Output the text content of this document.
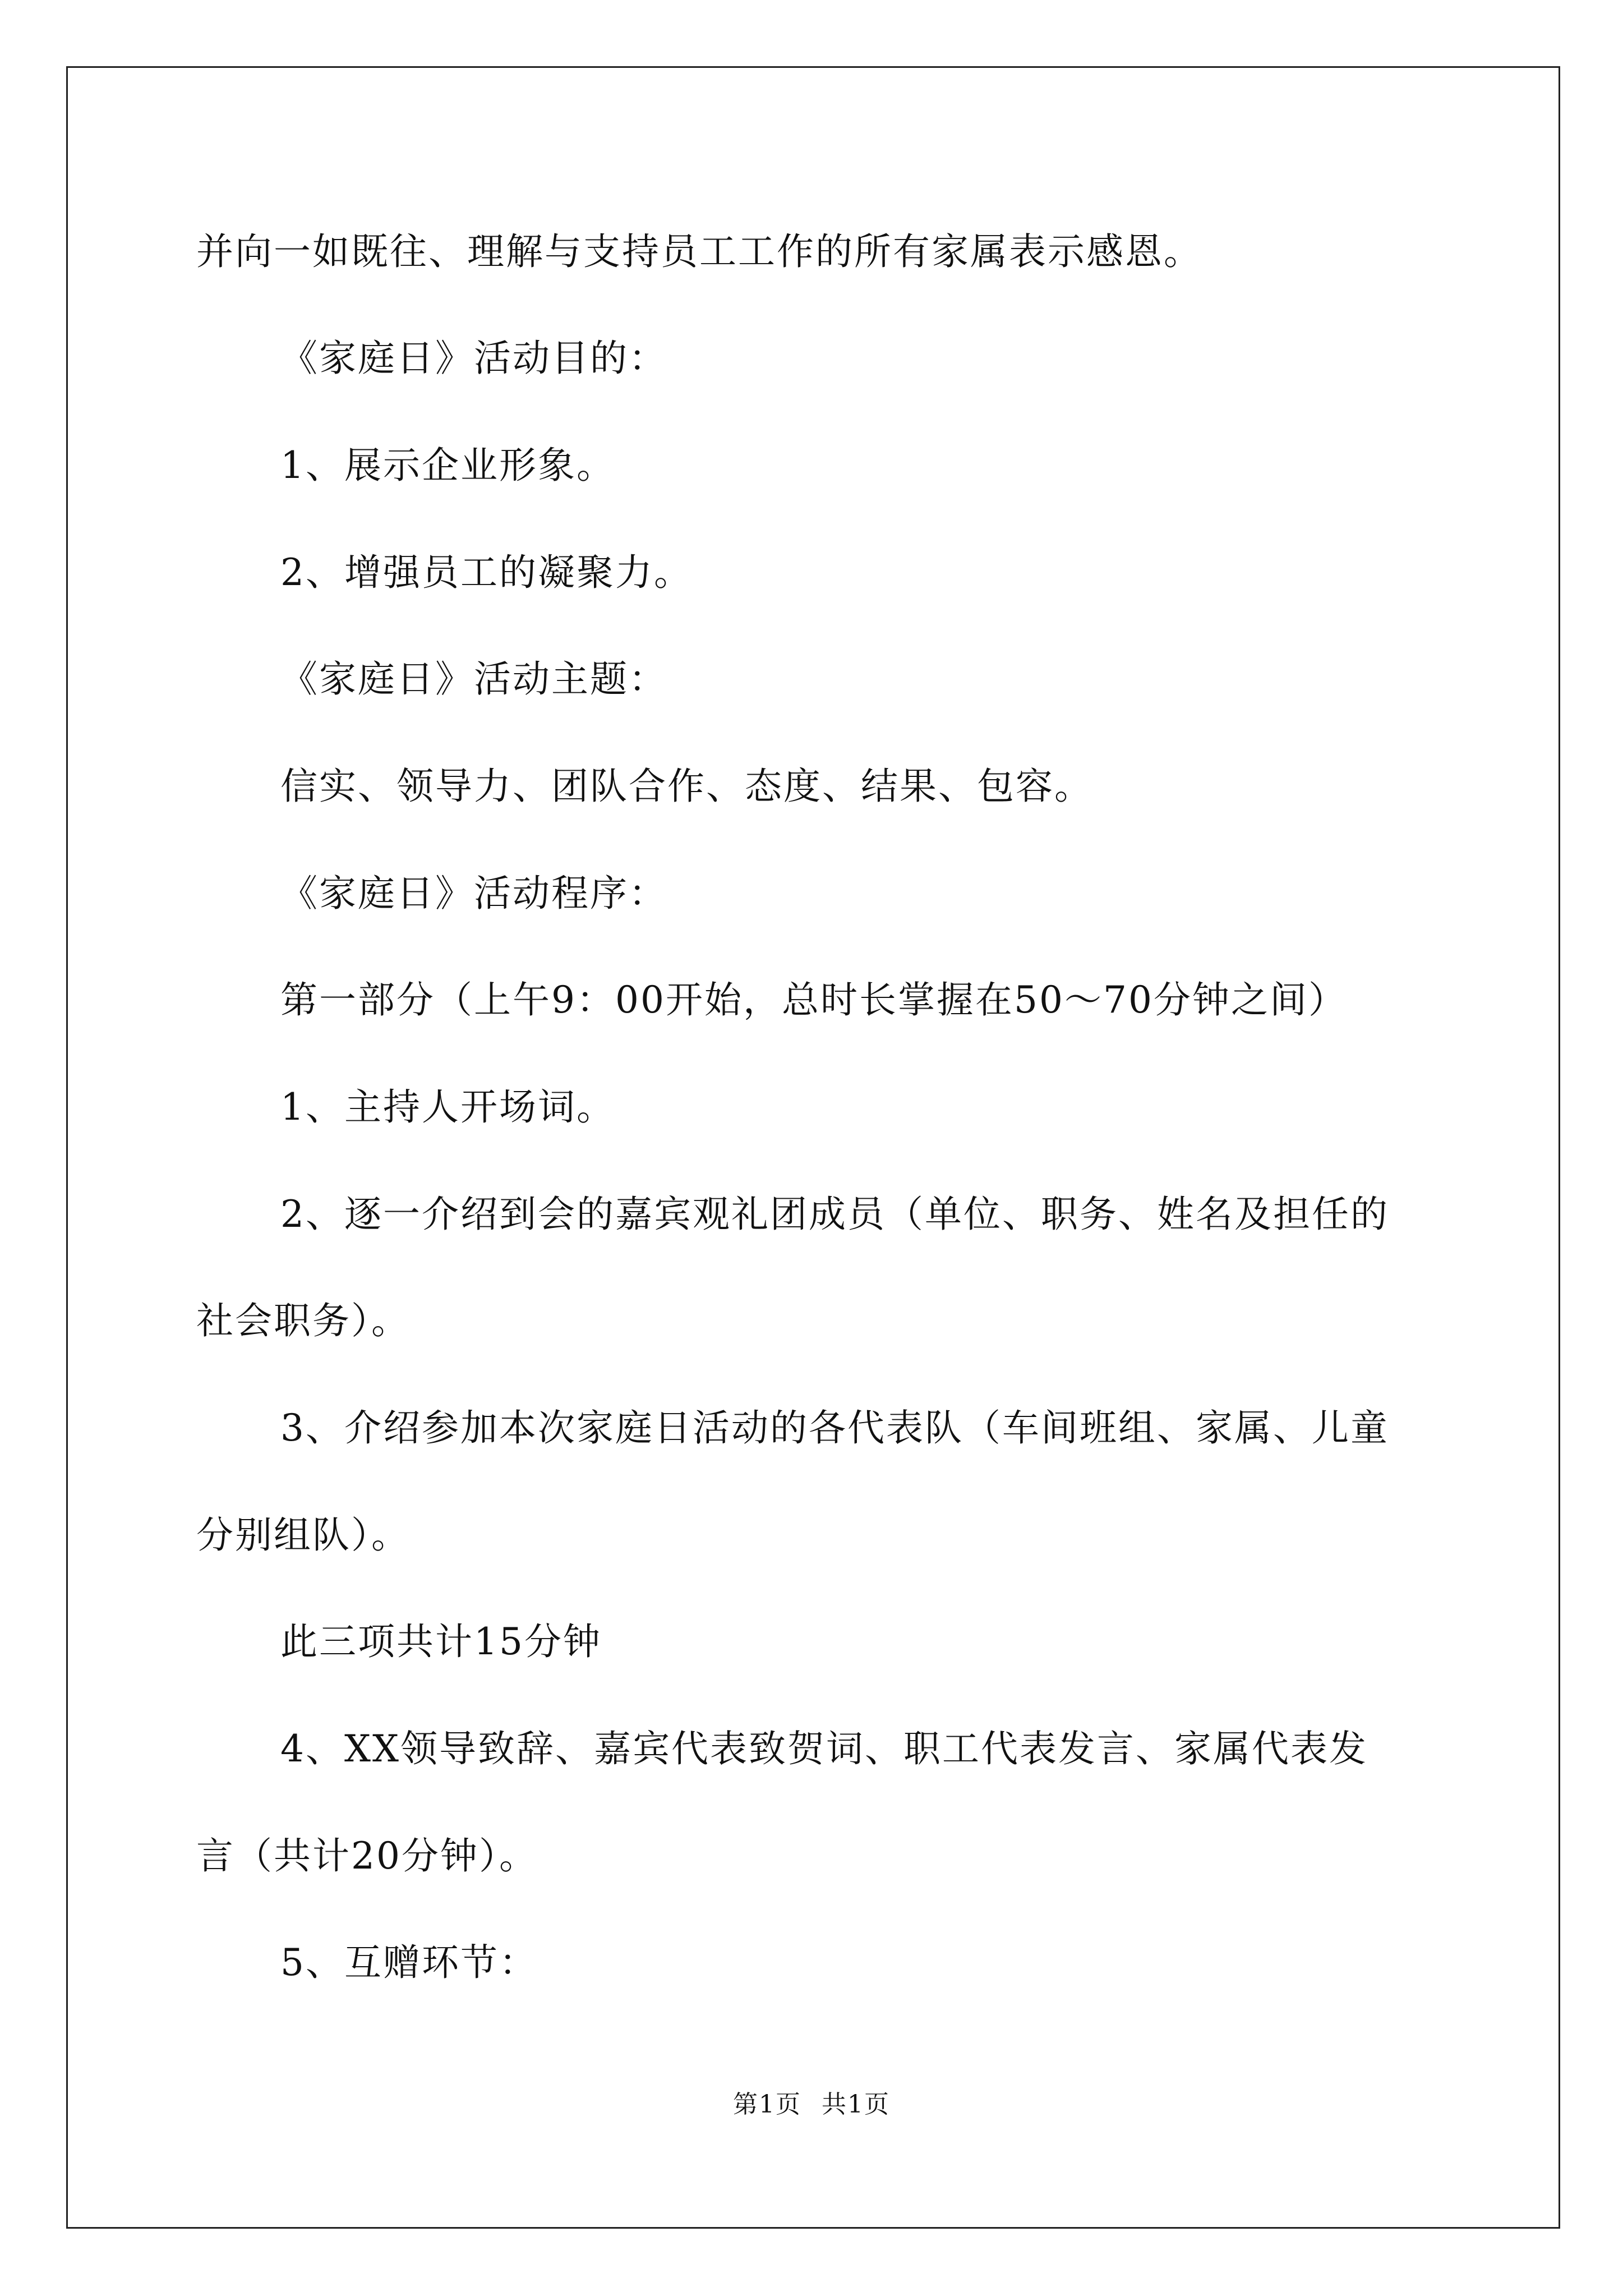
并向一如既往、理解与支持员工工作的所有家属表示感恩。
《家庭日》活动目的：
1、展示企业形象。
2、增强员工的凝聚力。
《家庭日》活动主题：
信实、领导力、团队合作、态度、结果、包容。
《家庭日》活动程序：
第一部分（上午9：00开始，总时长掌握在50～70分钟之间）
1、主持人开场词。
2、逐一介绍到会的嘉宾观礼团成员（单位、职务、姓名及担任的
社会职务）。
3、介绍参加本次家庭日活动的各代表队（车间班组、家属、儿童
分别组队）。
此三项共计15分钟
4、XX领导致辞、嘉宾代表致贺词、职工代表发言、家属代表发
言（共计20分钟）。
5、互赠环节：
第1页 共1页
